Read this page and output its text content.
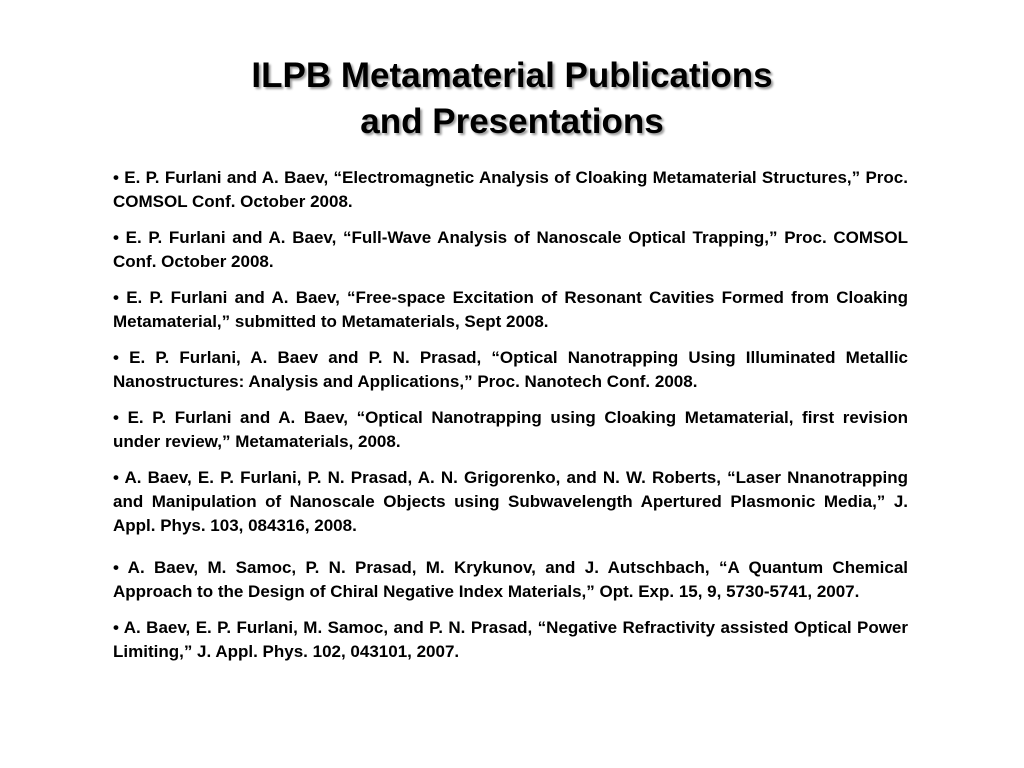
ILPB Metamaterial Publications
and Presentations
• E. P. Furlani and A. Baev, “Electromagnetic Analysis of Cloaking Metamaterial Structures,” Proc. COMSOL Conf. October 2008.
• E. P. Furlani and A. Baev, “Full-Wave Analysis of Nanoscale Optical Trapping,” Proc. COMSOL Conf. October 2008.
• E. P. Furlani and A. Baev, “Free-space Excitation of Resonant Cavities Formed from Cloaking Metamaterial,” submitted to Metamaterials, Sept 2008.
• E. P. Furlani, A. Baev and P. N. Prasad, “Optical Nanotrapping Using Illuminated Metallic Nanostructures: Analysis and Applications,” Proc. Nanotech Conf. 2008.
• E. P. Furlani and A. Baev, “Optical Nanotrapping using Cloaking Metamaterial, first revision under review,” Metamaterials, 2008.
• A. Baev, E. P. Furlani, P. N. Prasad, A. N. Grigorenko, and N. W. Roberts, “Laser Nnanotrapping and Manipulation of Nanoscale Objects using Subwavelength Apertured Plasmonic Media,” J. Appl. Phys. 103, 084316, 2008.
• A. Baev, M. Samoc, P. N. Prasad, M. Krykunov, and J. Autschbach, “A Quantum Chemical Approach to the Design of Chiral Negative Index Materials,” Opt. Exp. 15, 9, 5730-5741, 2007.
• A. Baev, E. P. Furlani, M. Samoc, and P. N. Prasad, “Negative Refractivity assisted Optical Power Limiting,” J. Appl. Phys. 102, 043101, 2007.
